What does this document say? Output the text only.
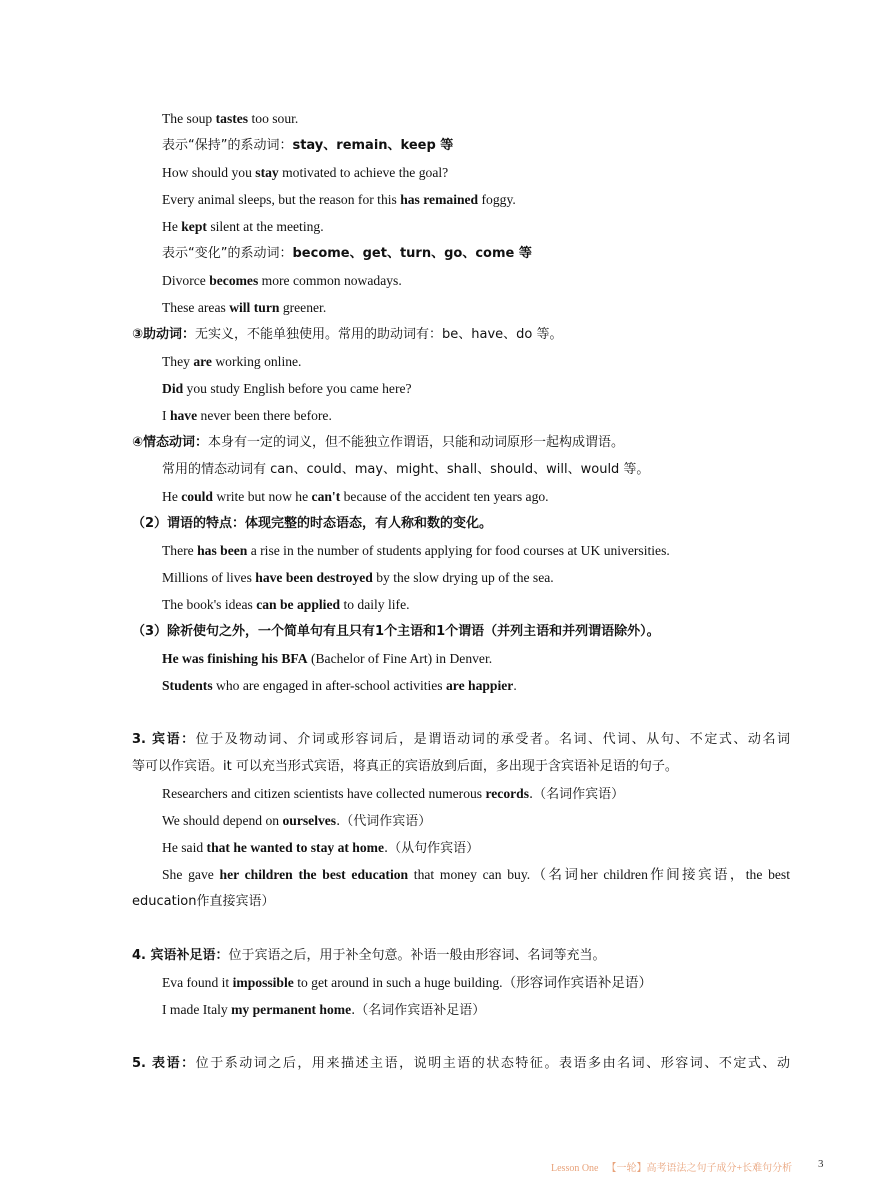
The soup tastes too sour.
表示“保持”的系动词：stay、remain、keep 等
How should you stay motivated to achieve the goal?
Every animal sleeps, but the reason for this has remained foggy.
He kept silent at the meeting.
表示“变化”的系动词：become、get、turn、go、come 等
Divorce becomes more common nowadays.
These areas will turn greener.
③助动词：无实义，不能单独使用。常用的助动词有：be、have、do 等。
They are working online.
Did you study English before you came here?
I have never been there before.
④情态动词：本身有一定的词义，但不能独立作谓语，只能和动词原形一起构成谓语。
常用的情态动词有 can、could、may、might、shall、should、will、would 等。
He could write but now he can't because of the accident ten years ago.
（2）谓语的特点：体现完整的时态语态，有人称和数的变化。
There has been a rise in the number of students applying for food courses at UK universities.
Millions of lives have been destroyed by the slow drying up of the sea.
The book's ideas can be applied to daily life.
（3）除祈使句之外，一个简单句有且只有1个主语和1个谓语（并列主语和并列谓语除外）。
He was finishing his BFA (Bachelor of Fine Art) in Denver.
Students who are engaged in after-school activities are happier.
3. 宾语：位于及物动词、介词或形容词后，是谓语动词的承受者。名词、代词、从句、不定式、动名词
等可以作宾语。it 可以充当形式宾语，将真正的宾语放到后面，多出现于含宾语补足语的句子。
Researchers and citizen scientists have collected numerous records.（名词作宾语）
We should depend on ourselves.（代词作宾语）
He said that he wanted to stay at home.（从句作宾语）
She gave her children the best education that money can buy.（名词her children作间接宾语，the best
education作直接宾语）
4. 宾语补足语：位于宾语之后，用于补全句意。补语一般由形容词、名词等充当。
Eva found it impossible to get around in such a huge building.（形容词作宾语补足语）
I made Italy my permanent home.（名词作宾语补足语）
5. 表语：位于系动词之后，用来描述主语，说明主语的状态特征。表语多由名词、形容词、不定式、动
Lesson One 【一轮】高考语法之句子成分+长难句分析 3
